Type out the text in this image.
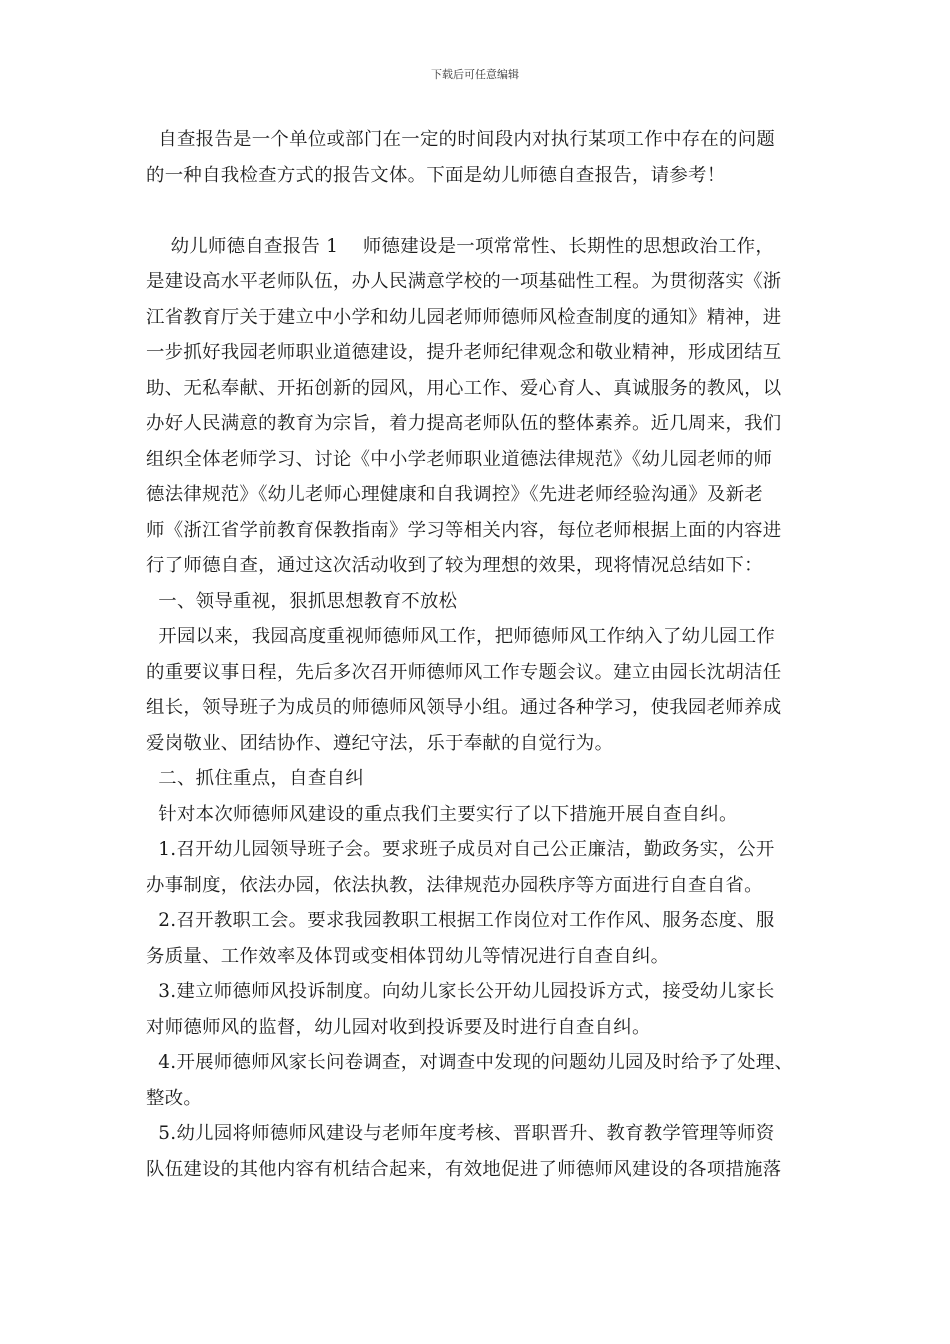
下载后可任意编辑
自查报告是一个单位或部门在一定的时间段内对执行某项工作中存在的问题
的一种自我检查方式的报告文体。下面是幼儿师德自查报告，请参考！
幼儿师德自查报告 1    师德建设是一项常常性、长期性的思想政治工作，
是建设高水平老师队伍，办人民满意学校的一项基础性工程。为贯彻落实《浙
江省教育厅关于建立中小学和幼儿园老师师德师风检查制度的通知》精神，进
一步抓好我园老师职业道德建设，提升老师纪律观念和敬业精神，形成团结互
助、无私奉献、开拓创新的园风，用心工作、爱心育人、真诚服务的教风，以
办好人民满意的教育为宗旨，着力提高老师队伍的整体素养。近几周来，我们
组织全体老师学习、讨论《中小学老师职业道德法律规范》《幼儿园老师的师
德法律规范》《幼儿老师心理健康和自我调控》《先进老师经验沟通》及新老
师《浙江省学前教育保教指南》学习等相关内容，每位老师根据上面的内容进
行了师德自查，通过这次活动收到了较为理想的效果，现将情况总结如下：
一、领导重视，狠抓思想教育不放松
开园以来，我园高度重视师德师风工作，把师德师风工作纳入了幼儿园工作
的重要议事日程，先后多次召开师德师风工作专题会议。建立由园长沈胡洁任
组长，领导班子为成员的师德师风领导小组。通过各种学习，使我园老师养成
爱岗敬业、团结协作、遵纪守法，乐于奉献的自觉行为。
二、抓住重点，自查自纠
针对本次师德师风建设的重点我们主要实行了以下措施开展自查自纠。
1.召开幼儿园领导班子会。要求班子成员对自己公正廉洁，勤政务实，公开
办事制度，依法办园，依法执教，法律规范办园秩序等方面进行自查自省。
2.召开教职工会。要求我园教职工根据工作岗位对工作作风、服务态度、服
务质量、工作效率及体罚或变相体罚幼儿等情况进行自查自纠。
3.建立师德师风投诉制度。向幼儿家长公开幼儿园投诉方式，接受幼儿家长
对师德师风的监督，幼儿园对收到投诉要及时进行自查自纠。
4.开展师德师风家长问卷调查，对调查中发现的问题幼儿园及时给予了处理、
整改。
5.幼儿园将师德师风建设与老师年度考核、晋职晋升、教育教学管理等师资
队伍建设的其他内容有机结合起来，有效地促进了师德师风建设的各项措施落
